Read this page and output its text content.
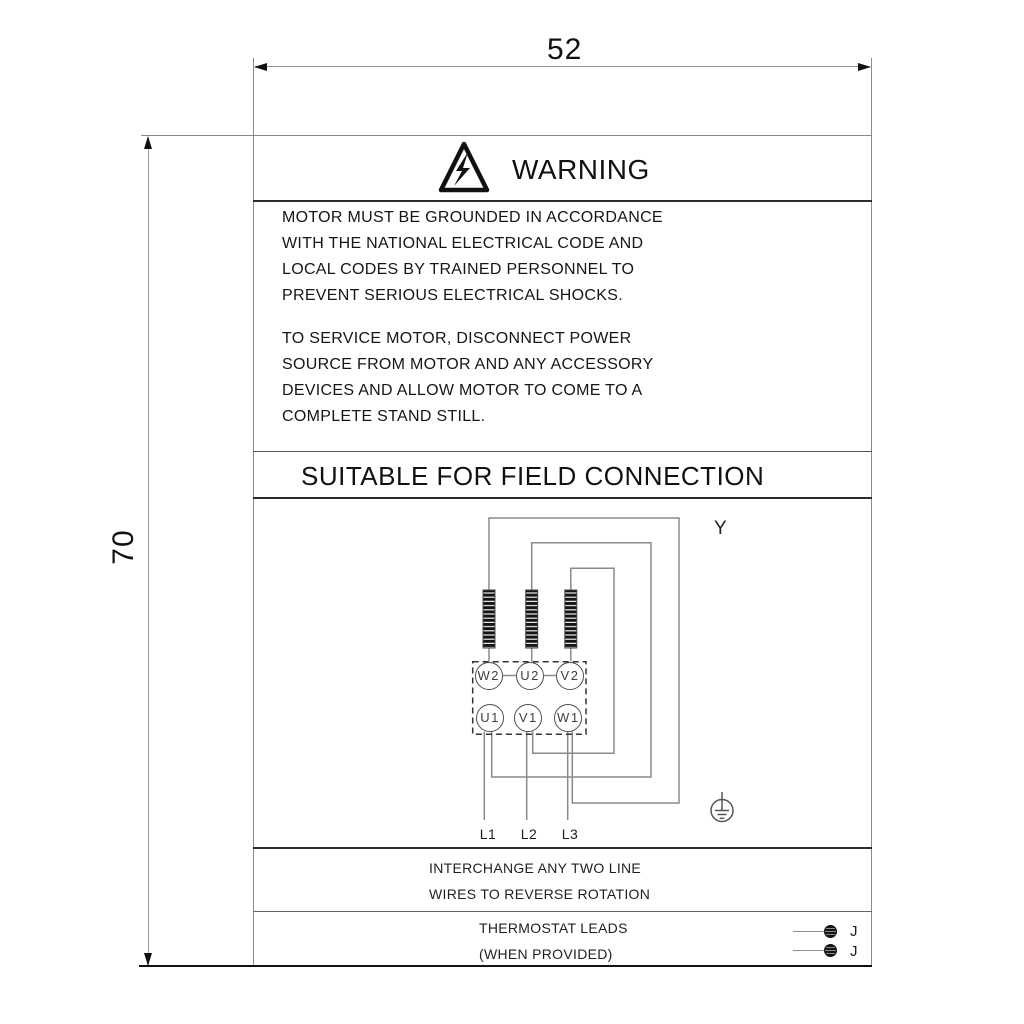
52
70
WARNING
MOTOR MUST BE GROUNDED IN ACCORDANCE
WITH THE NATIONAL ELECTRICAL CODE AND
LOCAL CODES BY TRAINED PERSONNEL TO
PREVENT SERIOUS ELECTRICAL SHOCKS.
TO SERVICE MOTOR, DISCONNECT POWER
SOURCE FROM MOTOR AND ANY ACCESSORY
DEVICES AND ALLOW MOTOR TO COME TO A
COMPLETE STAND STILL.
SUITABLE FOR FIELD CONNECTION
W2	U2	V2
U1	V1	W1
L1 L2 L3
Y
INTERCHANGE ANY TWO LINE
WIRES TO REVERSE ROTATION
THERMOSTAT LEADS
(WHEN PROVIDED)
J
J
